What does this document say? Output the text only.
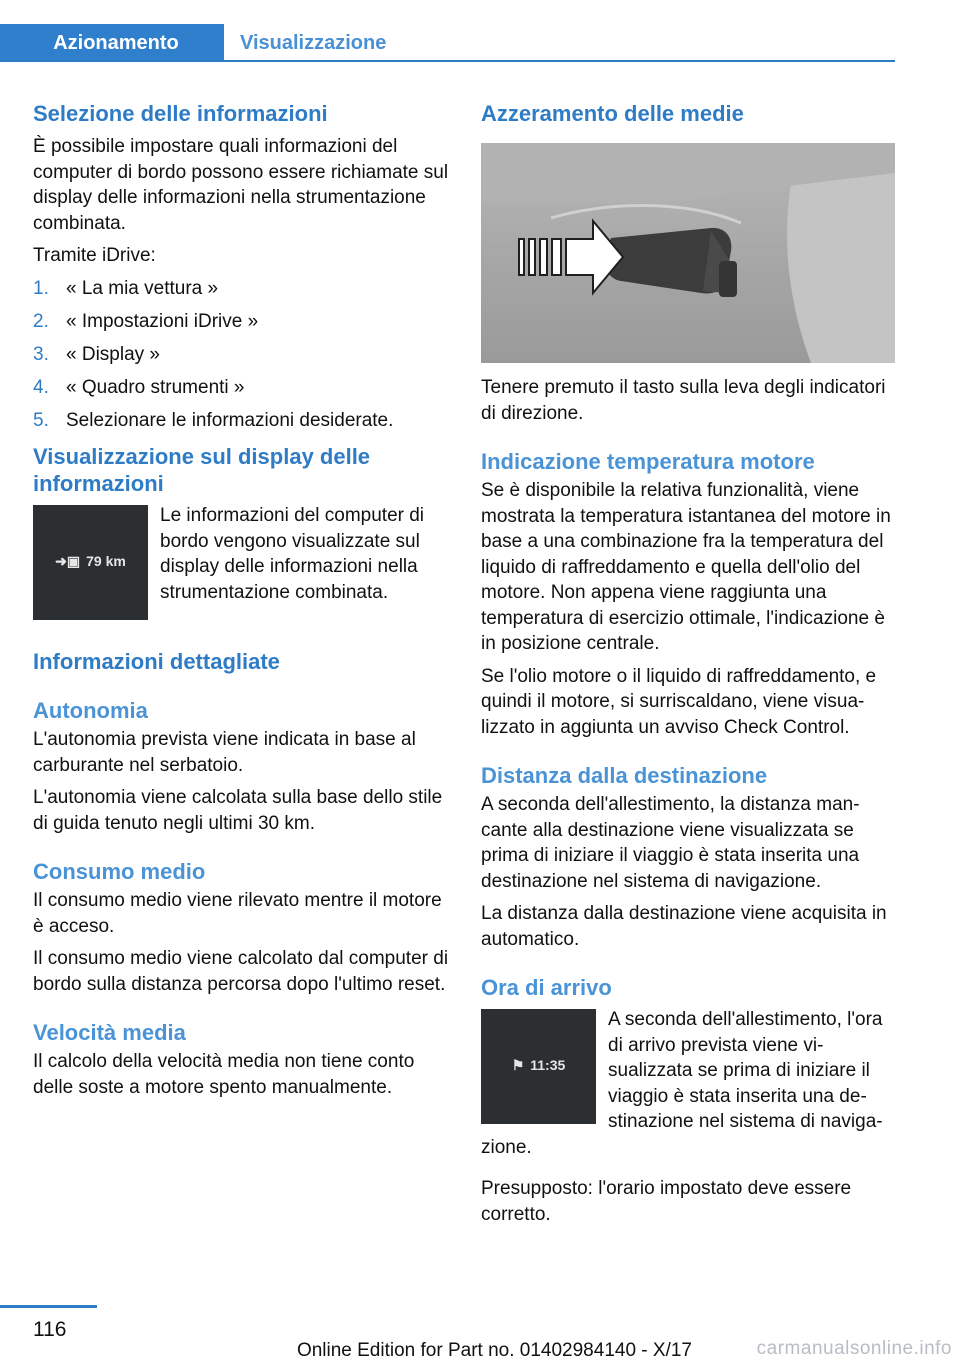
Azionamento	Visualizzazione
Selezione delle informazioni

È possibile impostare quali informazioni del computer di bordo possono essere richiamate sul display delle informazioni nella strumentazione combinata.

Tramite iDrive:

1. « La mia vettura »
2. « Impostazioni iDrive »
3. « Display »
4. « Quadro strumenti »
5. Selezionare le informazioni desiderate.
Visualizzazione sul display delle informazioni
➜▣ 79 km

Le informazioni del computer di bordo vengono visualizzate sul display delle informazioni nella strumentazione combinata.

Informazioni dettagliate
Autonomia

L'autonomia prevista viene indicata in base al carburante nel serbatoio.

L'autonomia viene calcolata sulla base dello stile di guida tenuto negli ultimi 30 km.

Consumo medio

Il consumo medio viene rilevato mentre il motore è acceso.

Il consumo medio viene calcolato dal computer di bordo sulla distanza percorsa dopo l'ultimo reset.

Velocità media

Il calcolo della velocità media non tiene conto delle soste a motore spento manualmente.

Azzeramento delle medie

Tenere premuto il tasto sulla leva degli indicatori di direzione.

Indicazione temperatura motore

Se è disponibile la relativa funzionalità, viene mostrata la temperatura istantanea del motore in base a una combinazione fra la temperatura del liquido di raffreddamento e quella dell'olio del motore. Non appena viene raggiunta una temperatura di esercizio ottimale, l'indicazione è in posizione centrale.

Se l'olio motore o il liquido di raffreddamento, e quindi il motore, si surriscaldano, viene visualizzato in aggiunta un avviso Check Control.

Distanza dalla destinazione

A seconda dell'allestimento, la distanza mancante alla destinazione viene visualizzata se prima di iniziare il viaggio è stata inserita una destinazione nel sistema di navigazione.

La distanza dalla destinazione viene acquisita in automatico.

Ora di arrivo
⚑ 11:35

A seconda dell'allestimento, l'ora di arrivo prevista viene visualizzata se prima di iniziare il viaggio è stata inserita una destinazione nel sistema di navigazione.

Presupposto: l'orario impostato deve essere corretto.

116
Online Edition for Part no. 01402984140 - X/17	carmanualsonline.info
